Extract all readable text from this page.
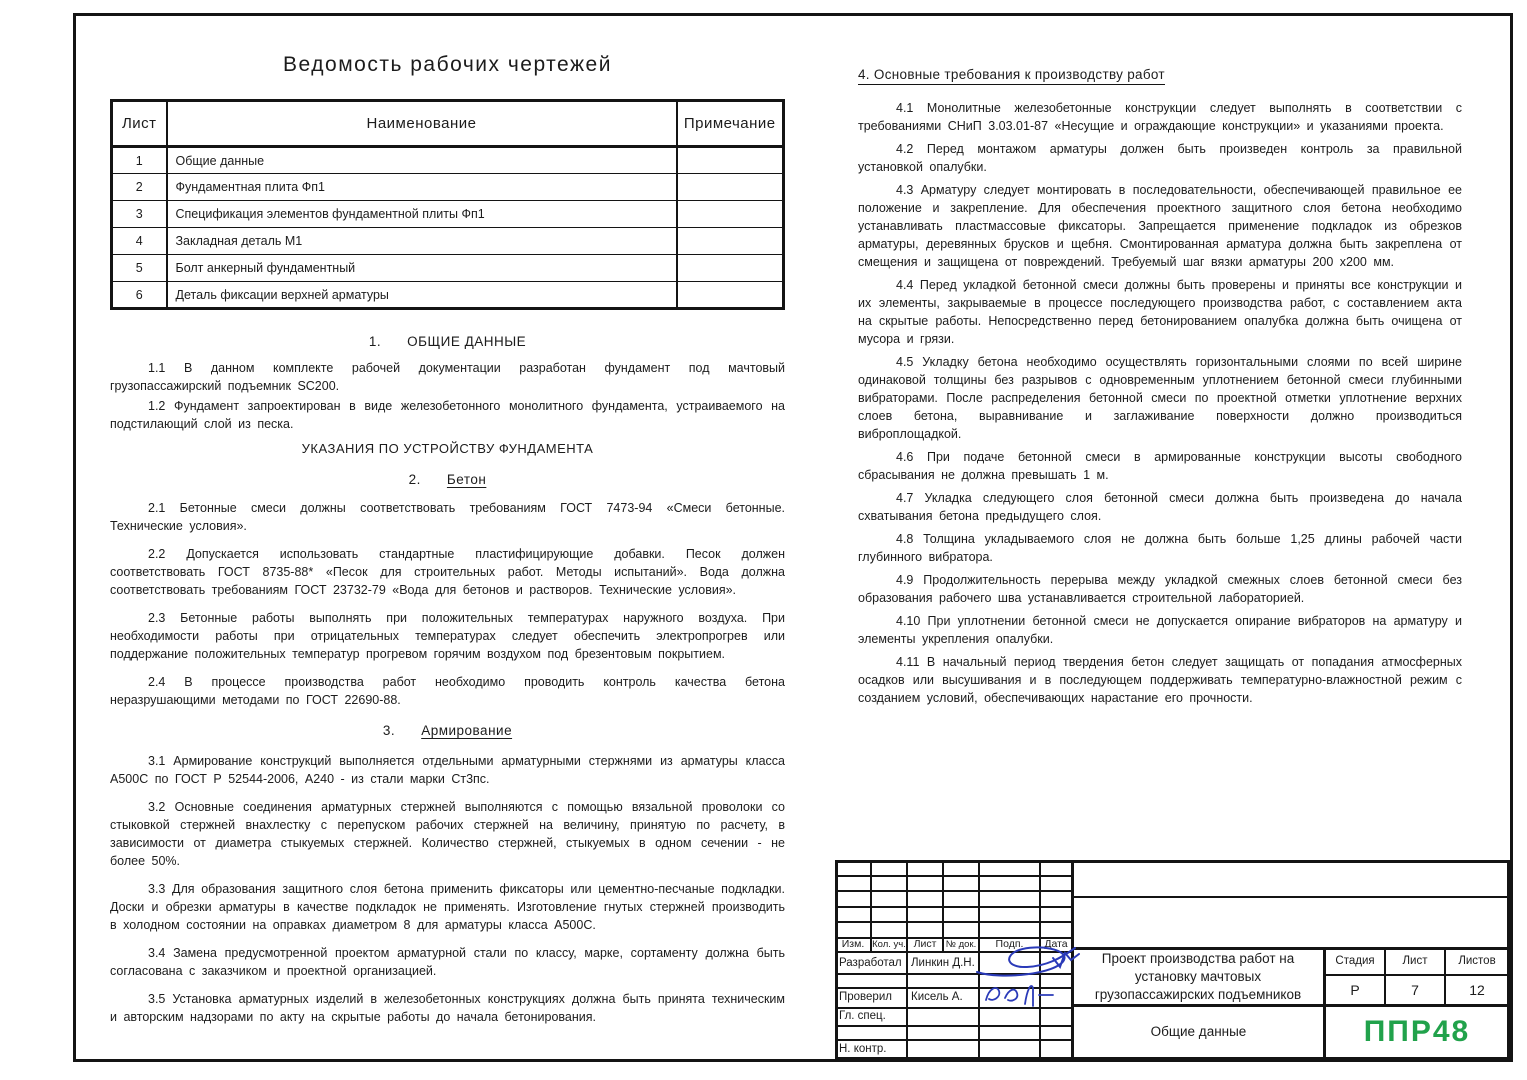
Ведомость рабочих чертежей
Лист	Наименование	Примечание
1	Общие данные	
2	Фундаментная плита Фп1	
3	Спецификация элементов фундаментной плиты Фп1	
4	Закладная деталь М1	
5	Болт анкерный фундаментный	
6	Деталь фиксации верхней арматуры	
1. ОБЩИЕ ДАННЫЕ

1.1 В данном комплекте рабочей документации разработан фундамент под мачтовый грузопассажирский подъемник SC200.

1.2 Фундамент запроектирован в виде железобетонного монолитного фундамента, устраиваемого на подстилающий слой из песка.

УКАЗАНИЯ ПО УСТРОЙСТВУ ФУНДАМЕНТА
2. Бетон

2.1 Бетонные смеси должны соответствовать требованиям ГОСТ 7473-94 «Смеси бетонные. Технические условия».

2.2 Допускается использовать стандартные пластифицирующие добавки. Песок должен соответствовать ГОСТ 8735-88* «Песок для строительных работ. Методы испытаний». Вода должна соответствовать требованиям ГОСТ 23732-79 «Вода для бетонов и растворов. Технические условия».

2.3 Бетонные работы выполнять при положительных температурах наружного воздуха. При необходимости работы при отрицательных температурах следует обеспечить электропрогрев или поддержание положительных температур прогревом горячим воздухом под брезентовым покрытием.

2.4 В процессе производства работ необходимо проводить контроль качества бетона неразрушающими методами по ГОСТ 22690-88.

3. Армирование

3.1 Армирование конструкций выполняется отдельными арматурными стержнями из арматуры класса А500С по ГОСТ Р 52544-2006, А240 - из стали марки Ст3пс.

3.2 Основные соединения арматурных стержней выполняются с помощью вязальной проволоки со стыковкой стержней внахлестку с перепуском рабочих стержней на величину, принятую по расчету, в зависимости от диаметра стыкуемых стержней. Количество стержней, стыкуемых в одном сечении - не более 50%.

3.3 Для образования защитного слоя бетона применить фиксаторы или цементно-песчаные подкладки. Доски и обрезки арматуры в качестве подкладок не применять. Изготовление гнутых стержней производить в холодном состоянии на оправках диаметром 8 для арматуры класса А500С.

3.4 Замена предусмотренной проектом арматурной стали по классу, марке, сортаменту должна быть согласована с заказчиком и проектной организацией.

3.5 Установка арматурных изделий в железобетонных конструкциях должна быть принята техническим и авторским надзорами по акту на скрытые работы до начала бетонирования.

4. Основные требования к производству работ

4.1 Монолитные железобетонные конструкции следует выполнять в соответствии с требованиями СНиП 3.03.01-87 «Несущие и ограждающие конструкции» и указаниями проекта.

4.2 Перед монтажом арматуры должен быть произведен контроль за правильной установкой опалубки.

4.3 Арматуру следует монтировать в последовательности, обеспечивающей правильное ее положение и закрепление. Для обеспечения проектного защитного слоя бетона необходимо устанавливать пластмассовые фиксаторы. Запрещается применение подкладок из обрезков арматуры, деревянных брусков и щебня. Смонтированная арматура должна быть закреплена от смещения и защищена от повреждений. Требуемый шаг вязки арматуры 200 х200 мм.

4.4 Перед укладкой бетонной смеси должны быть проверены и приняты все конструкции и их элементы, закрываемые в процессе последующего производства работ, с составлением акта на скрытые работы. Непосредственно перед бетонированием опалубка должна быть очищена от мусора и грязи.

4.5 Укладку бетона необходимо осуществлять горизонтальными слоями по всей ширине одинаковой толщины без разрывов с одновременным уплотнением бетонной смеси глубинными вибраторами. После распределения бетонной смеси по проектной отметки уплотнение верхних слоев бетона, выравнивание и заглаживание поверхности должно производиться виброплощадкой.

4.6 При подаче бетонной смеси в армированные конструкции высоты свободного сбрасывания не должна превышать 1 м.

4.7 Укладка следующего слоя бетонной смеси должна быть произведена до начала схватывания бетона предыдущего слоя.

4.8 Толщина укладываемого слоя не должна быть больше 1,25 длины рабочей части глубинного вибратора.

4.9 Продолжительность перерыва между укладкой смежных слоев бетонной смеси без образования рабочего шва устанавливается строительной лабораторией.

4.10 При уплотнении бетонной смеси не допускается опирание вибраторов на арматуру и элементы укрепления опалубки.

4.11 В начальный период твердения бетон следует защищать от попадания атмосферных осадков или высушивания и в последующем поддерживать температурно-влажностной режим с созданием условий, обеспечивающих нарастание его прочности.

Изм. Кол. уч. Лист № док.	Подп.	Дата
Разработал Линкин Д.Н.
Проверил	Кисель А.
Гл. спец.
Н. контр.
Проект производства работ на установку мачтовых грузопассажирских подъемников
Стадия	Лист	Листов
Р	7	12
Общие данные	ППР48
